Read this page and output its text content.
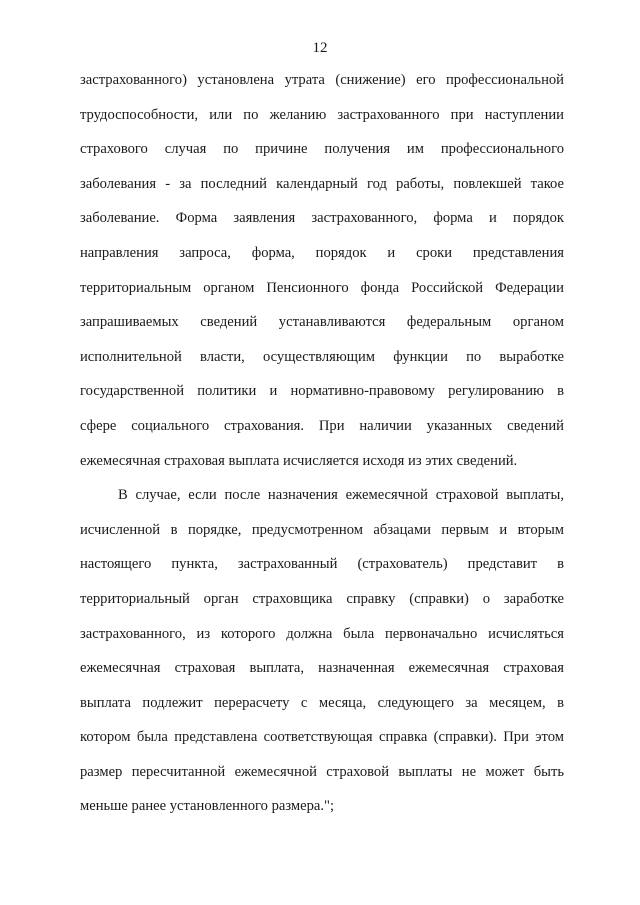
12
застрахованного) установлена утрата (снижение) его профессиональной
трудоспособности, или по желанию застрахованного при наступлении
страхового случая по причине получения им профессионального
заболевания - за последний календарный год работы, повлекшей такое
заболевание. Форма заявления застрахованного, форма и порядок
направления запроса, форма, порядок и сроки представления
территориальным органом Пенсионного фонда Российской Федерации
запрашиваемых сведений устанавливаются федеральным органом
исполнительной власти, осуществляющим функции по выработке
государственной политики и нормативно-правовому регулированию в
сфере социального страхования. При наличии указанных сведений
ежемесячная страховая выплата исчисляется исходя из этих сведений.
В случае, если после назначения ежемесячной страховой выплаты,
исчисленной в порядке, предусмотренном абзацами первым и вторым
настоящего пункта, застрахованный (страхователь) представит в
территориальный орган страховщика справку (справки) о заработке
застрахованного, из которого должна была первоначально исчисляться
ежемесячная страховая выплата, назначенная ежемесячная страховая
выплата подлежит перерасчету с месяца, следующего за месяцем, в
котором была представлена соответствующая справка (справки). При этом
размер пересчитанной ежемесячной страховой выплаты не может быть
меньше ранее установленного размера.";
